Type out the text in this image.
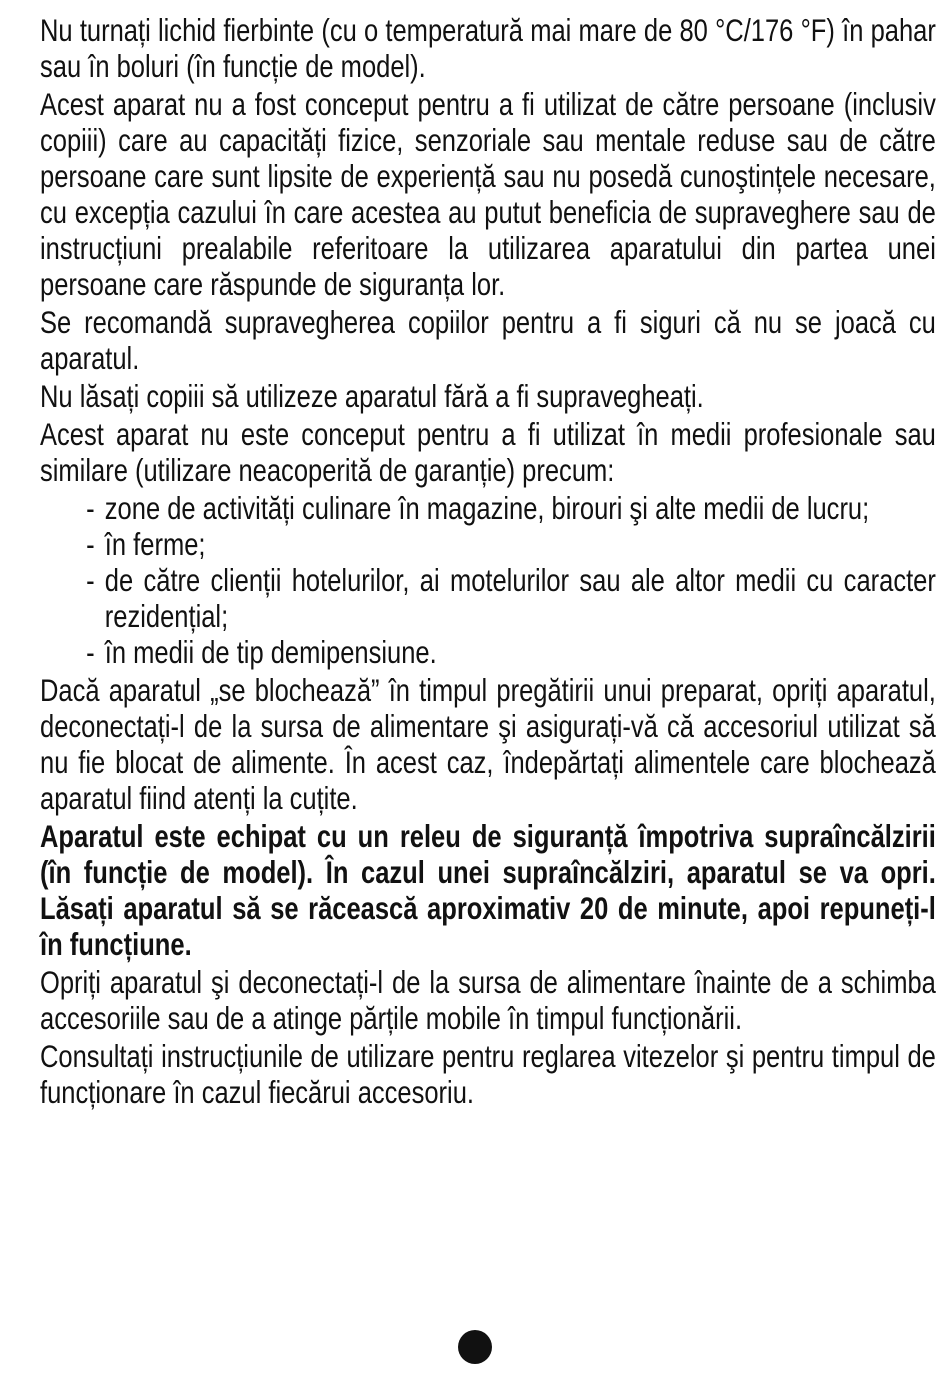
Nu turnați lichid fierbinte (cu o temperatură mai mare de 80 °C/176 °F) în pahar sau în boluri (în funcție de model).

Acest aparat nu a fost conceput pentru a fi utilizat de către persoane (inclusiv copiii) care au capacități fizice, senzoriale sau mentale reduse sau de către persoane care sunt lipsite de experiență sau nu posedă cunoştințele necesare, cu excepția cazului în care acestea au putut beneficia de supraveghere sau de instrucțiuni prealabile referitoare la utilizarea aparatului din partea unei persoane care răspunde de siguranța lor.

Se recomandă supravegherea copiilor pentru a fi siguri că nu se joacă cu aparatul.

Nu lăsați copiii să utilizeze aparatul fără a fi supravegheați.

Acest aparat nu este conceput pentru a fi utilizat în medii profesionale sau similare (utilizare neacoperită de garanție) precum:

- zone de activități culinare în magazine, birouri şi alte medii de lucru;
- în ferme;
- de către clienții hotelurilor, ai motelurilor sau ale altor medii cu caracter rezidențial;
- în medii de tip demipensiune.

Dacă aparatul „se blochează” în timpul pregătirii unui preparat, opriți aparatul, deconectați-l de la sursa de alimentare şi asigurați-vă că accesoriul utilizat să nu fie blocat de alimente. În acest caz, îndepărtați alimentele care blochează aparatul fiind atenți la cuțite.

Aparatul este echipat cu un releu de siguranță împotriva supraîncălzirii (în funcție de model). În cazul unei supraîncălziri, aparatul se va opri. Lăsați aparatul să se răcească aproximativ 20 de minute, apoi repuneți-l în funcțiune.

Opriți aparatul şi deconectați-l de la sursa de alimentare înainte de a schimba accesoriile sau de a atinge părțile mobile în timpul funcționării.

Consultați instrucțiunile de utilizare pentru reglarea vitezelor şi pentru timpul de funcționare în cazul fiecărui accesoriu.
